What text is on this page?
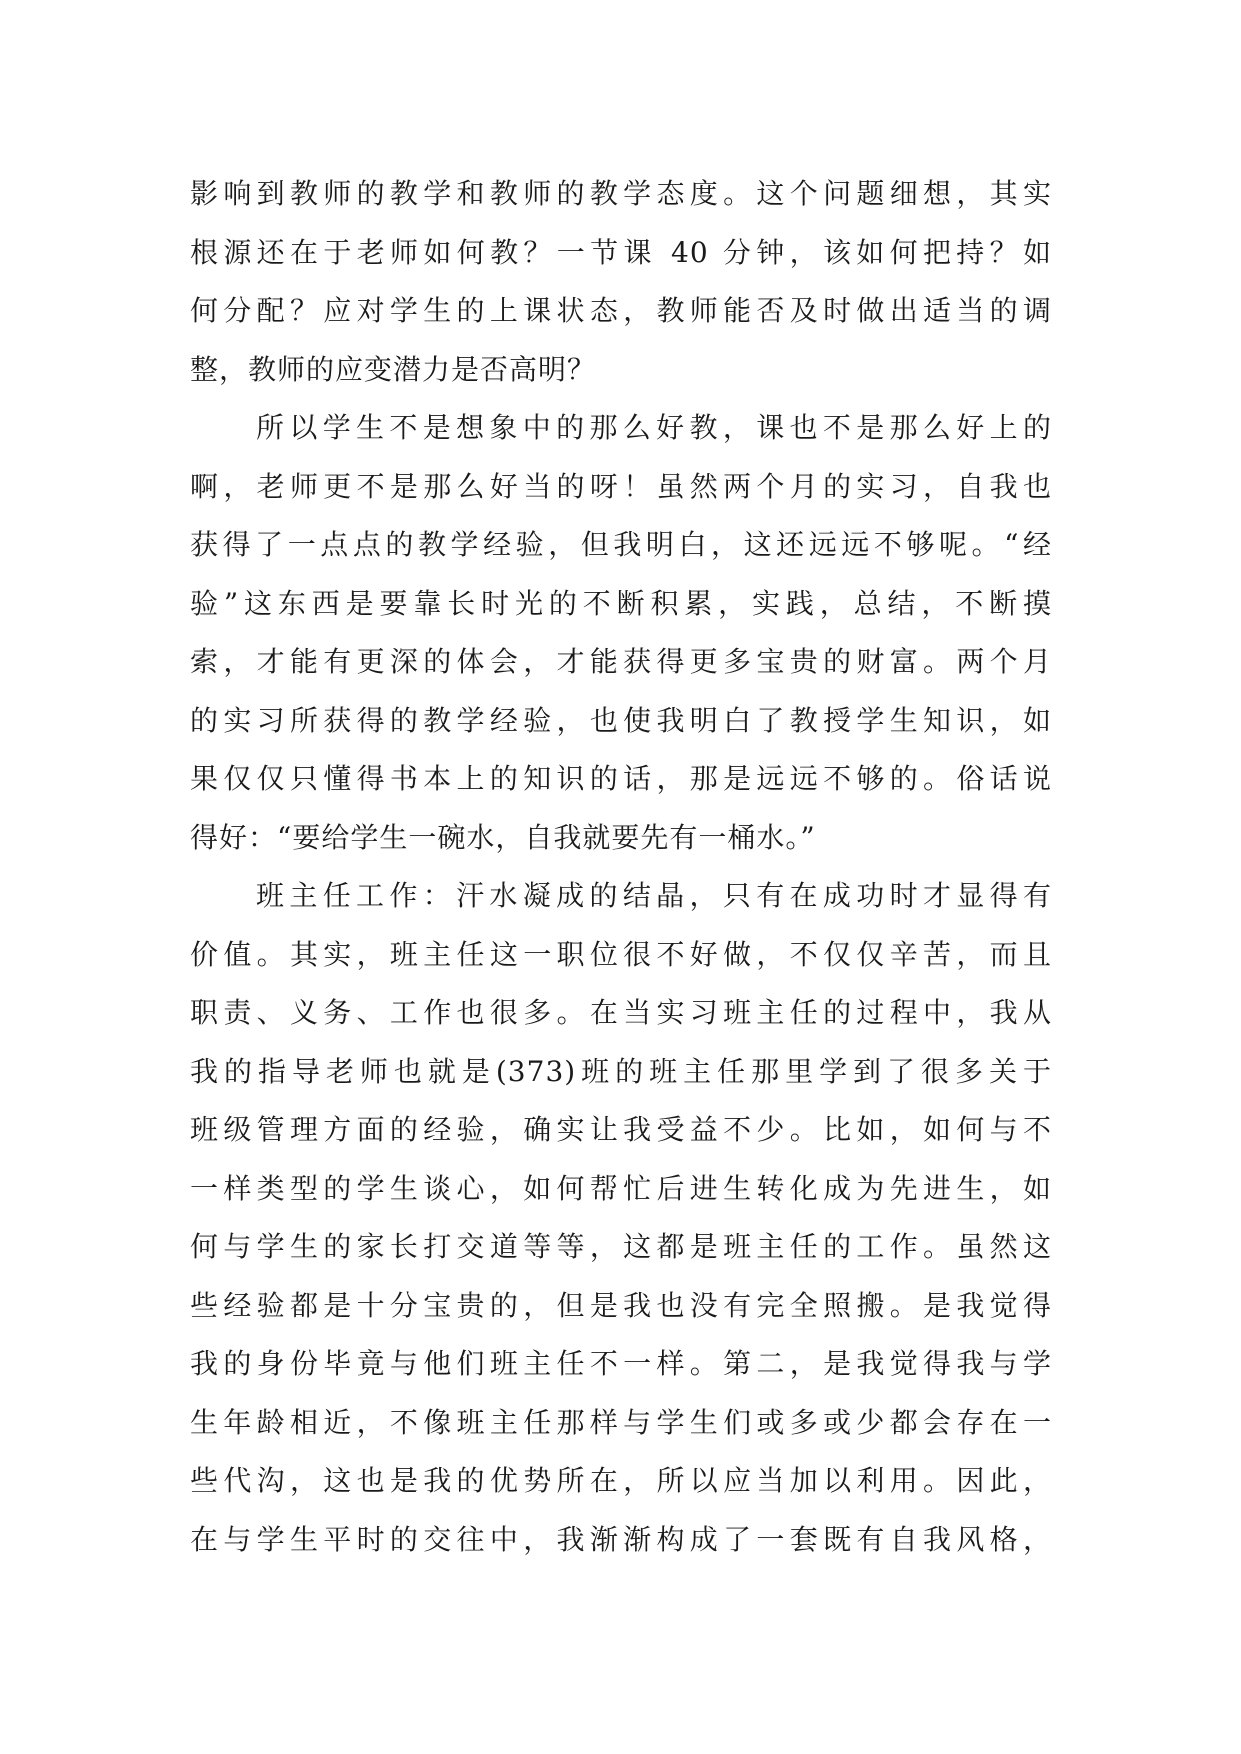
影响到教师的教学和教师的教学态度。这个问题细想，其实
根源还在于老师如何教？一节课 40 分钟，该如何把持？如
何分配？应对学生的上课状态，教师能否及时做出适当的调
整，教师的应变潜力是否高明？
所以学生不是想象中的那么好教，课也不是那么好上的
啊，老师更不是那么好当的呀！虽然两个月的实习，自我也
获得了一点点的教学经验，但我明白，这还远远不够呢。“经
验”这东西是要靠长时光的不断积累，实践，总结，不断摸
索，才能有更深的体会，才能获得更多宝贵的财富。两个月
的实习所获得的教学经验，也使我明白了教授学生知识，如
果仅仅只懂得书本上的知识的话，那是远远不够的。俗话说
得好：“要给学生一碗水，自我就要先有一桶水。”
班主任工作：汗水凝成的结晶，只有在成功时才显得有
价值。其实，班主任这一职位很不好做，不仅仅辛苦，而且
职责、义务、工作也很多。在当实习班主任的过程中，我从
我的指导老师也就是(373)班的班主任那里学到了很多关于
班级管理方面的经验，确实让我受益不少。比如，如何与不
一样类型的学生谈心，如何帮忙后进生转化成为先进生，如
何与学生的家长打交道等等，这都是班主任的工作。虽然这
些经验都是十分宝贵的，但是我也没有完全照搬。是我觉得
我的身份毕竟与他们班主任不一样。第二，是我觉得我与学
生年龄相近，不像班主任那样与学生们或多或少都会存在一
些代沟，这也是我的优势所在，所以应当加以利用。因此，
在与学生平时的交往中，我渐渐构成了一套既有自我风格，
